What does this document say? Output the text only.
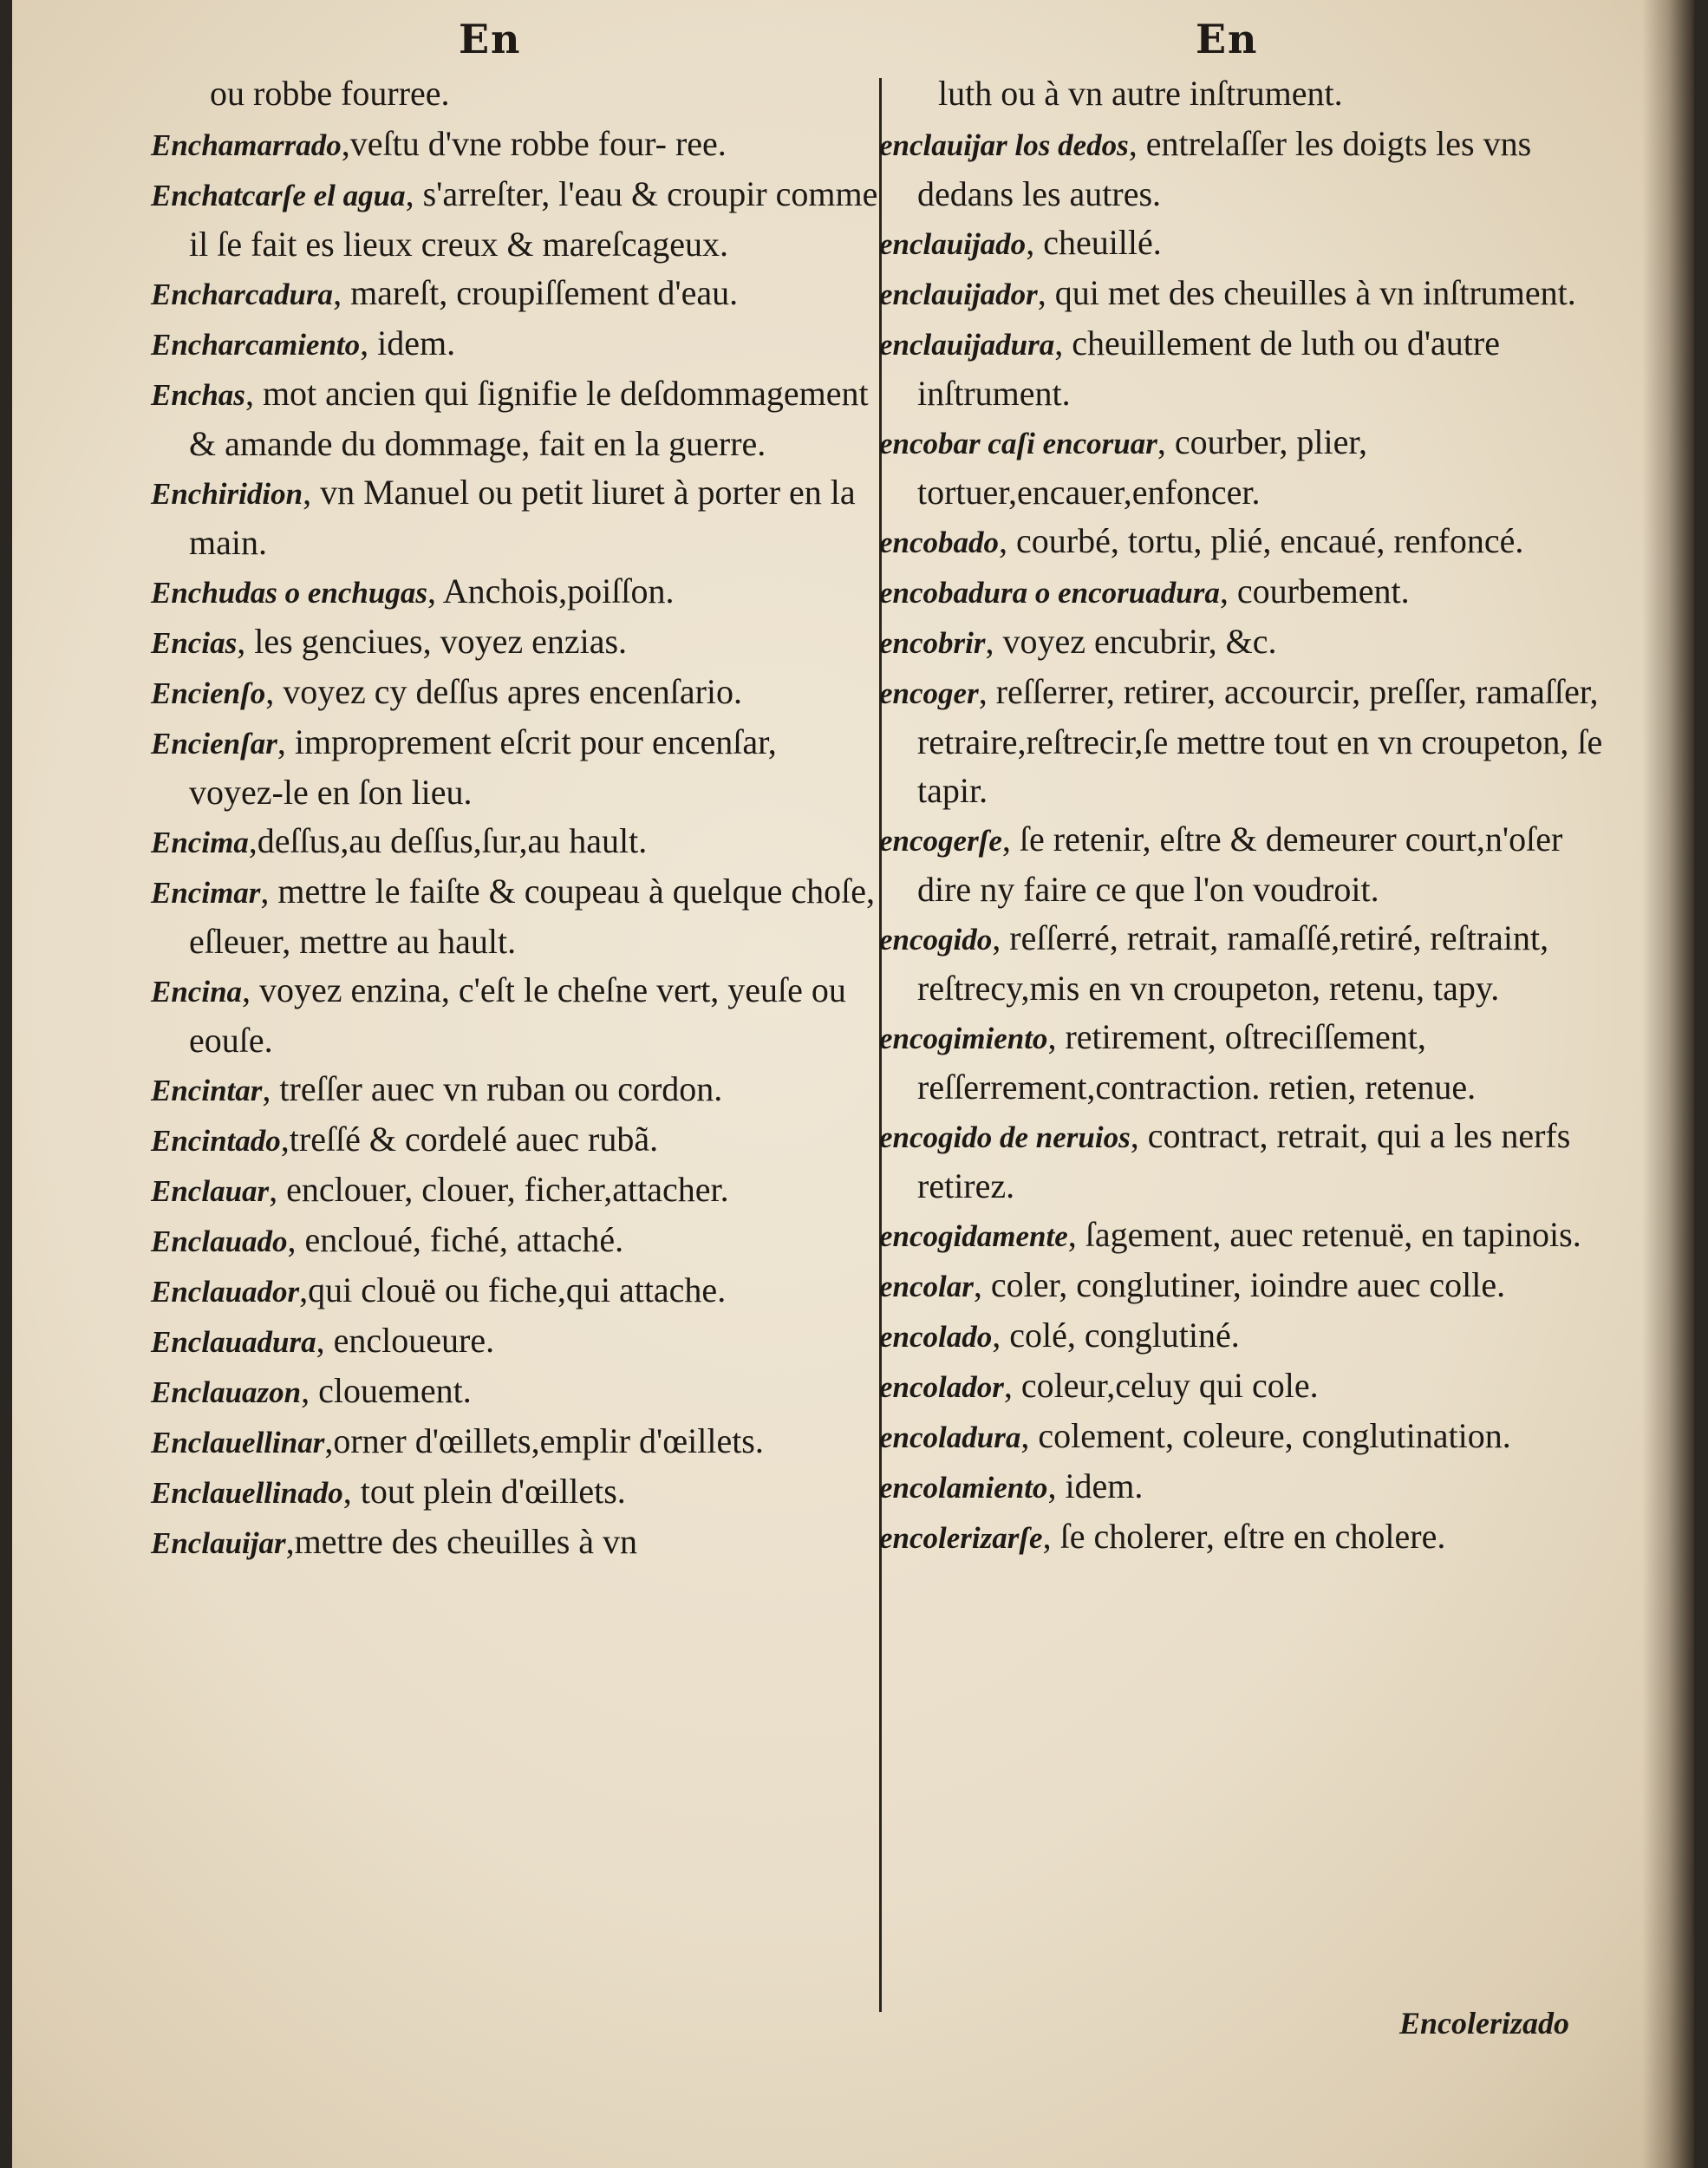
En	En

ou robbe fourree.

Enchamarrado,veſtu d'vne robbe four- ree.

Enchatcarſe el agua, s'arreſter, l'eau & croupir comme il ſe fait es lieux creux & mareſcageux.

Encharcadura, mareſt, croupiſſement d'eau.

Encharcamiento, idem.

Enchas, mot ancien qui ſignifie le deſdommagement & amande du dommage, fait en la guerre.

Enchiridion, vn Manuel ou petit liuret à porter en la main.

Enchudas o enchugas, Anchois,poiſſon.

Encias, les genciues, voyez enzias.

Encienſo, voyez cy deſſus apres encenſario.

Encienſar, improprement eſcrit pour encenſar, voyez-le en ſon lieu.

Encima,deſſus,au deſſus,ſur,au hault.

Encimar, mettre le faiſte & coupeau à quelque choſe, eſleuer, mettre au hault.

Encina, voyez enzina, c'eſt le cheſne vert, yeuſe ou eouſe.

Encintar, treſſer auec vn ruban ou cordon.

Encintado,treſſé & cordelé auec rubã.

Enclauar, enclouer, clouer, ficher,attacher.

Enclauado, encloué, fiché, attaché.

Enclauador,qui clouë ou fiche,qui attache.

Enclauadura, encloueure.

Enclauazon, clouement.

Enclauellinar,orner d'œillets,emplir d'œillets.

Enclauellinado, tout plein d'œillets.

Enclauijar,mettre des cheuilles à vn

luth ou à vn autre inſtrument.

enclauijar los dedos, entrelaſſer les doigts les vns dedans les autres.

enclauijado, cheuillé.

enclauijador, qui met des cheuilles à vn inſtrument.

enclauijadura, cheuillement de luth ou d'autre inſtrument.

encobar caſi encoruar, courber, plier, tortuer,encauer,enfoncer.

encobado, courbé, tortu, plié, encaué, renfoncé.

encobadura o encoruadura, courbement.

encobrir, voyez encubrir, &c.

encoger, reſſerrer, retirer, accourcir, preſſer, ramaſſer, retraire,reſtrecir,ſe mettre tout en vn croupeton, ſe tapir.

encogerſe, ſe retenir, eſtre & demeurer court,n'oſer dire ny faire ce que l'on voudroit.

encogido, reſſerré, retrait, ramaſſé,retiré, reſtraint, reſtrecy,mis en vn croupeton, retenu, tapy.

encogimiento, retirement, oſtreciſſement, reſſerrement,contraction. retien, retenue.

encogido de neruios, contract, retrait, qui a les nerfs retirez.

encogidamente, ſagement, auec retenuë, en tapinois.

encolar, coler, conglutiner, ioindre auec colle.

encolado, colé, conglutiné.

encolador, coleur,celuy qui cole.

encoladura, colement, coleure, conglutination.

encolamiento, idem.

encolerizarſe, ſe cholerer, eſtre en cholere.

Encolerizado
